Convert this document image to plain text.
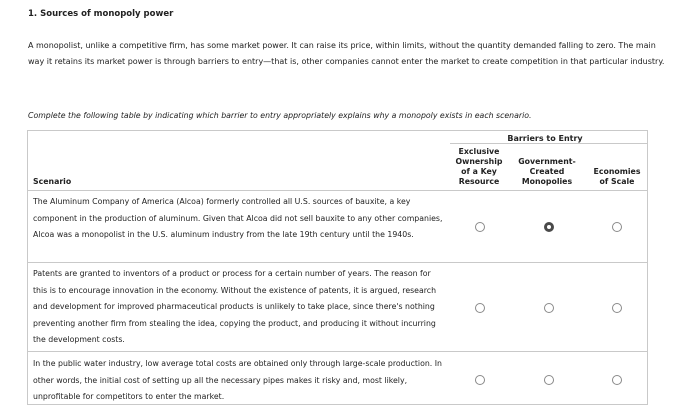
1. Sources of monopoly power
A monopolist, unlike a competitive firm, has some market power. It can raise its price, within limits, without the quantity demanded falling to zero. The main way it retains its market power is through barriers to entry—that is, other companies cannot enter the market to create competition in that particular industry.
Complete the following table by indicating which barrier to entry appropriately explains why a monopoly exists in each scenario.
Barriers to Entry
Exclusive
Ownership
of a Key
Resource
Government-
Created
Monopolies
Economies
of Scale
Scenario
The Aluminum Company of America (Alcoa) formerly controlled all U.S. sources of bauxite, a key component in the production of aluminum. Given that Alcoa did not sell bauxite to any other companies, Alcoa was a monopolist in the U.S. aluminum industry from the late 19th century until the 1940s.
Patents are granted to inventors of a product or process for a certain number of years. The reason for this is to encourage innovation in the economy. Without the existence of patents, it is argued, research and development for improved pharmaceutical products is unlikely to take place, since there's nothing preventing another firm from stealing the idea, copying the product, and producing it without incurring the development costs.
In the public water industry, low average total costs are obtained only through large-scale production. In other words, the initial cost of setting up all the necessary pipes makes it risky and, most likely, unprofitable for competitors to enter the market.
